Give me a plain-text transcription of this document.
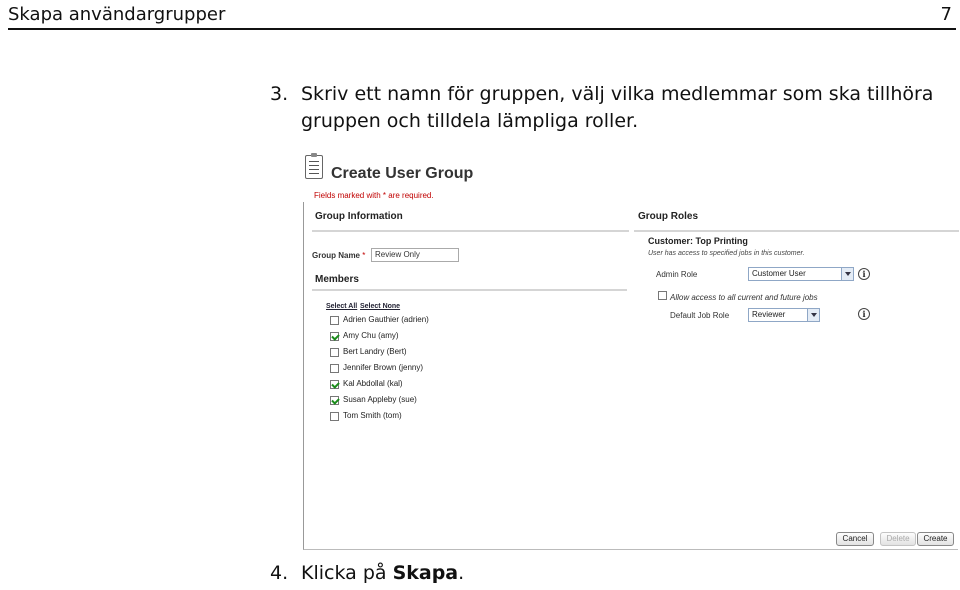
Skapa användargrupper	7
3. Skriv ett namn för gruppen, välj vilka medlemmar som ska tillhöra gruppen och tilldela lämpliga roller.
Create User Group
Fields marked with * are required.
Group Information
Group Name *	Review Only
Members
Select All Select None
Adrien Gauthier (adrien)
Amy Chu (amy)
Bert Landry (Bert)
Jennifer Brown (jenny)
Kal Abdollal (kal)
Susan Appleby (sue)
Tom Smith (tom)
Group Roles
Customer: Top Printing
User has access to specified jobs in this customer.
Admin Role	Customer User	i
Allow access to all current and future jobs
Default Job Role	Reviewer	i
Cancel	Delete	Create
4. Klicka på Skapa.
